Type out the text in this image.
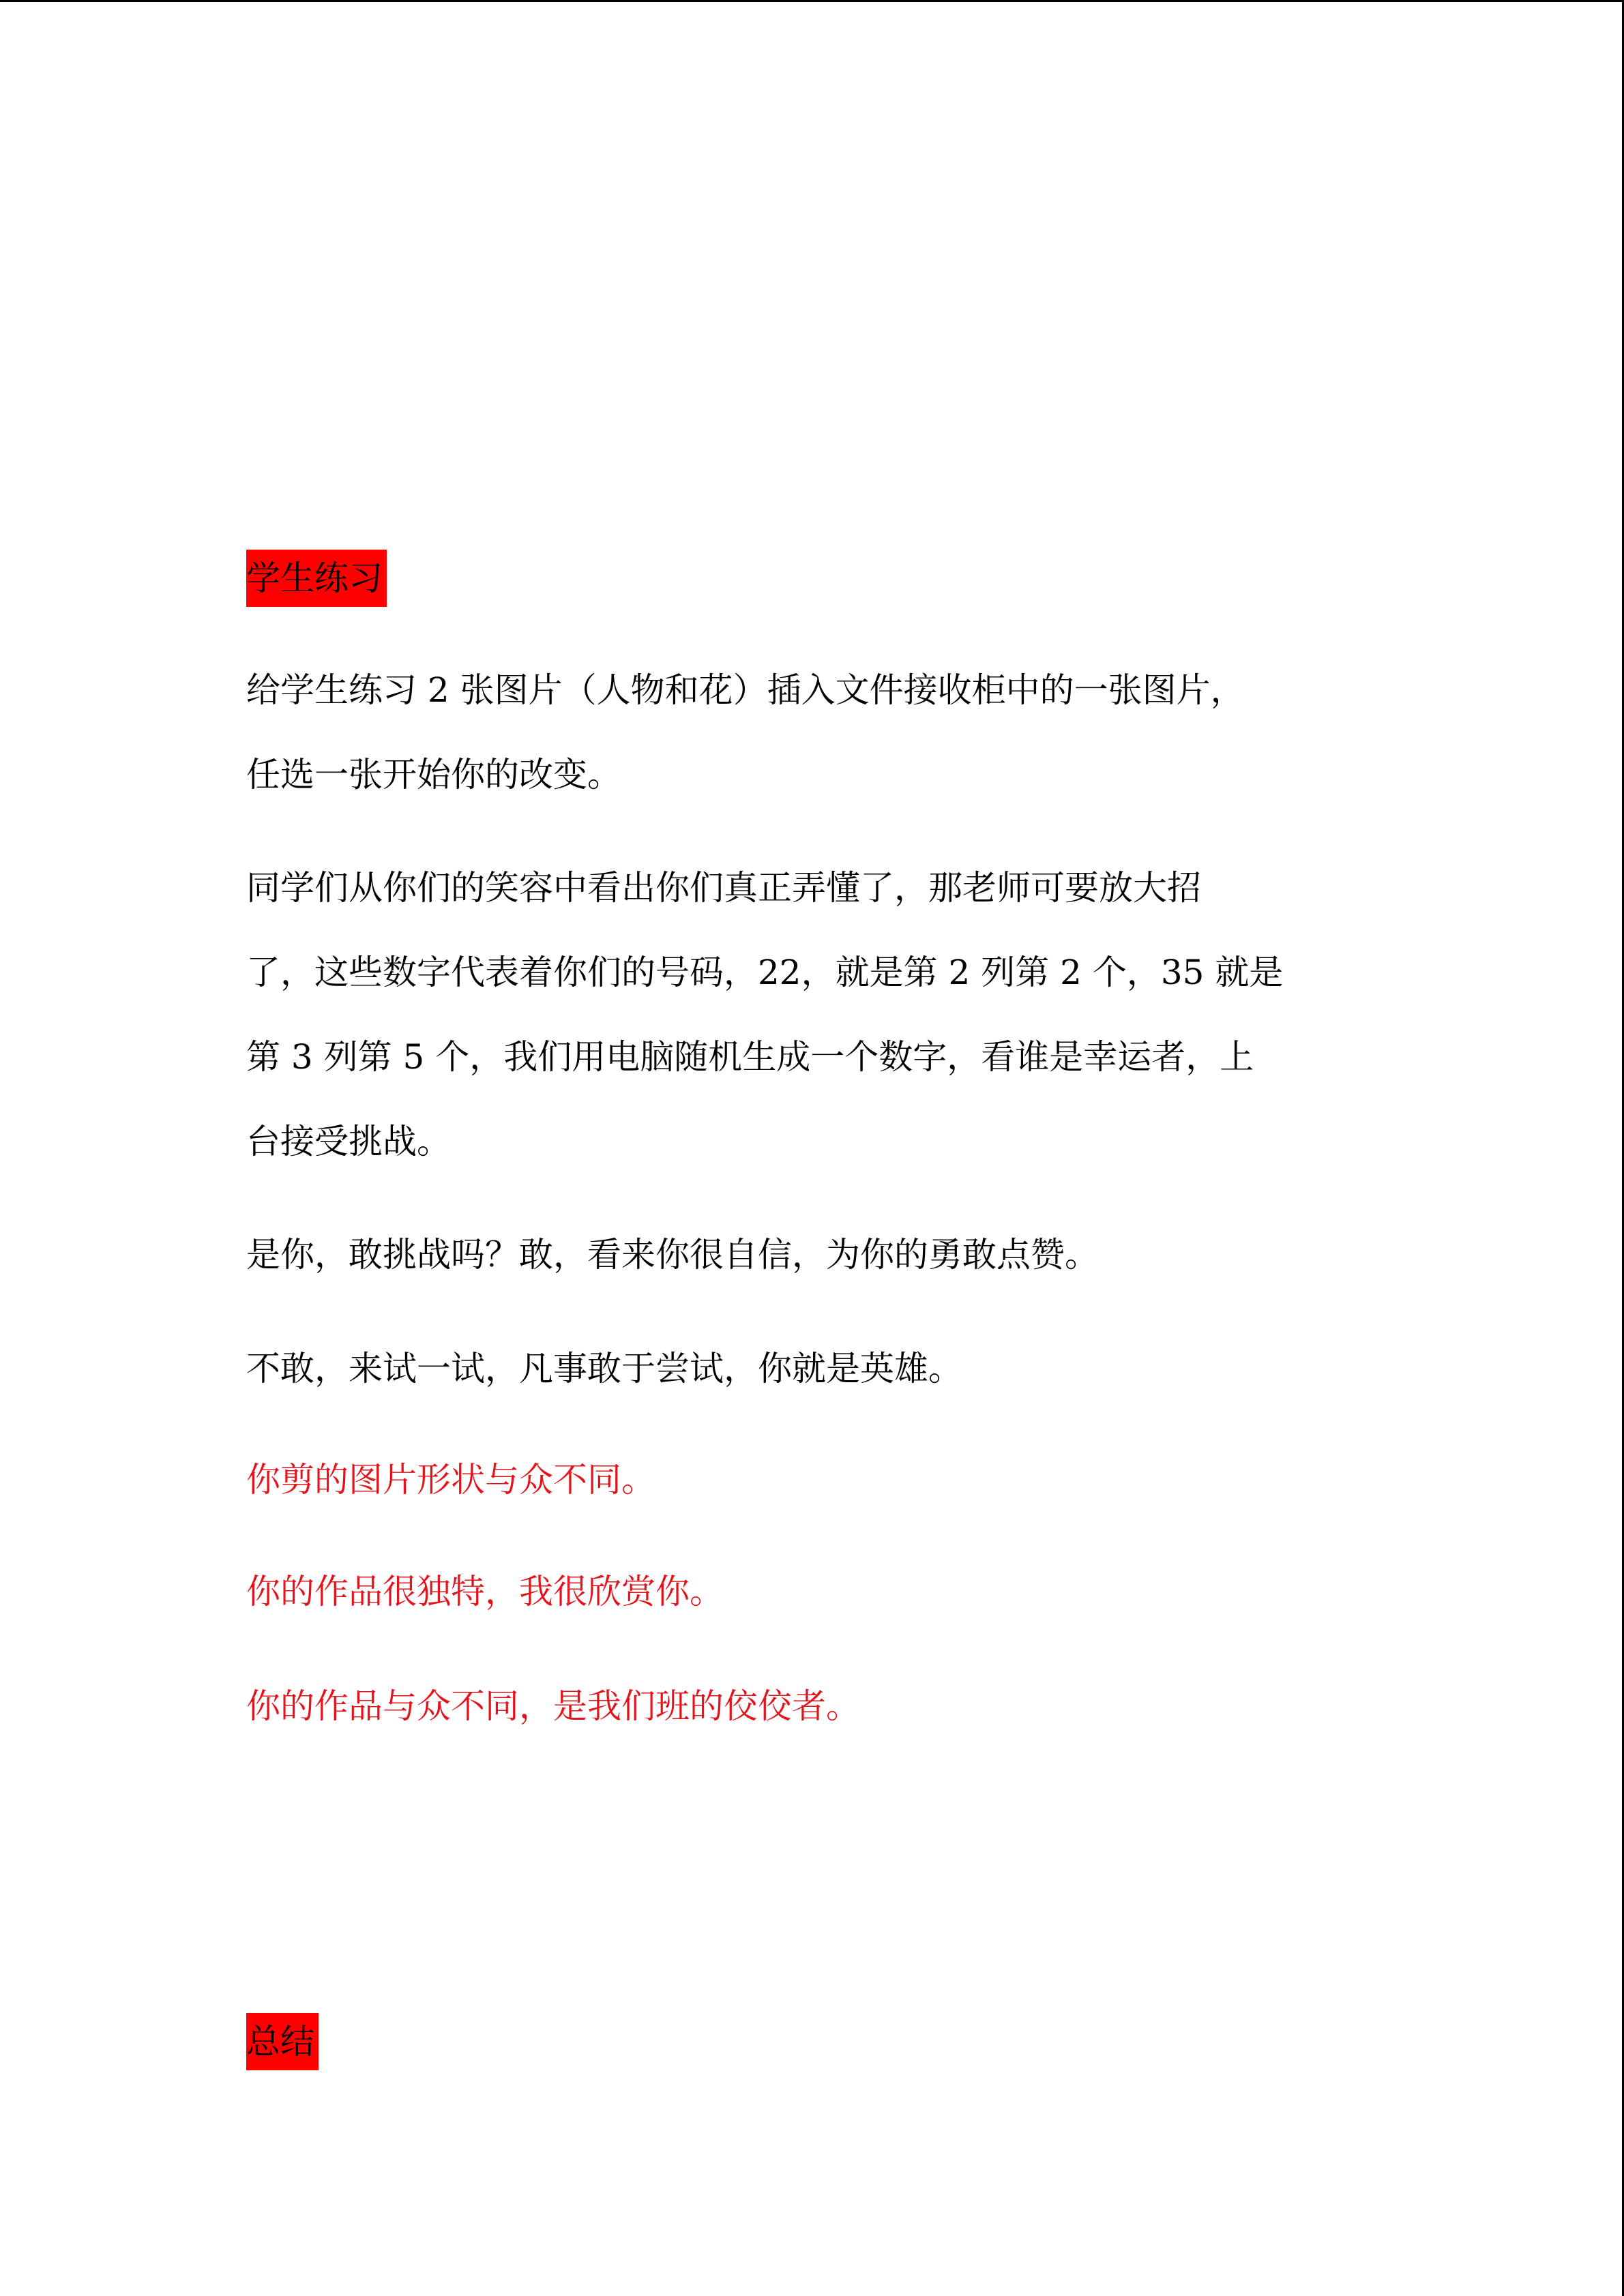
学生练习
给学生练习 2 张图片（人物和花）插入文件接收柜中的一张图片，
任选一张开始你的改变。
同学们从你们的笑容中看出你们真正弄懂了，那老师可要放大招
了，这些数字代表着你们的号码，22，就是第 2 列第 2 个，35 就是
第 3 列第 5 个，我们用电脑随机生成一个数字，看谁是幸运者，上
台接受挑战。
是你，敢挑战吗？敢，看来你很自信，为你的勇敢点赞。
不敢，来试一试，凡事敢于尝试，你就是英雄。
你剪的图片形状与众不同。
你的作品很独特，我很欣赏你。
你的作品与众不同，是我们班的佼佼者。
总结
